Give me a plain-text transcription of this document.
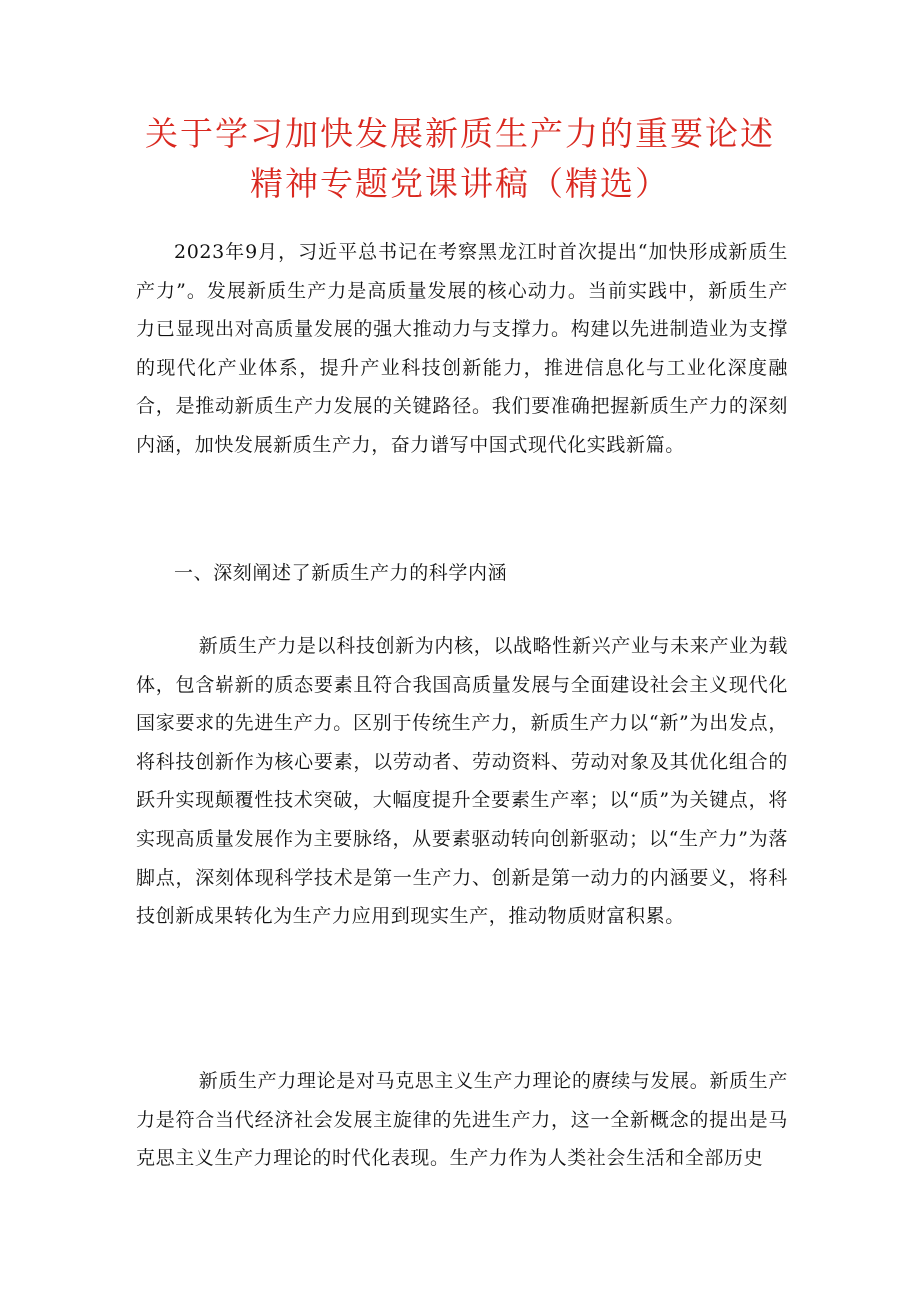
关于学习加快发展新质生产力的重要论述
精神专题党课讲稿（精选）

2023年9月，习近平总书记在考察黑龙江时首次提出“加快形成新质生产力”。发展新质生产力是高质量发展的核心动力。当前实践中，新质生产力已显现出对高质量发展的强大推动力与支撑力。构建以先进制造业为支撑的现代化产业体系，提升产业科技创新能力，推进信息化与工业化深度融合，是推动新质生产力发展的关键路径。我们要准确把握新质生产力的深刻内涵，加快发展新质生产力，奋力谱写中国式现代化实践新篇。

一、深刻阐述了新质生产力的科学内涵

新质生产力是以科技创新为内核，以战略性新兴产业与未来产业为载体，包含崭新的质态要素且符合我国高质量发展与全面建设社会主义现代化国家要求的先进生产力。区别于传统生产力，新质生产力以“新”为出发点，将科技创新作为核心要素，以劳动者、劳动资料、劳动对象及其优化组合的跃升实现颠覆性技术突破，大幅度提升全要素生产率；以“质”为关键点，将实现高质量发展作为主要脉络，从要素驱动转向创新驱动；以“生产力”为落脚点，深刻体现科学技术是第一生产力、创新是第一动力的内涵要义，将科技创新成果转化为生产力应用到现实生产，推动物质财富积累。

新质生产力理论是对马克思主义生产力理论的赓续与发展。新质生产力是符合当代经济社会发展主旋律的先进生产力，这一全新概念的提出是马克思主义生产力理论的时代化表现。生产力作为人类社会生活和全部历史
